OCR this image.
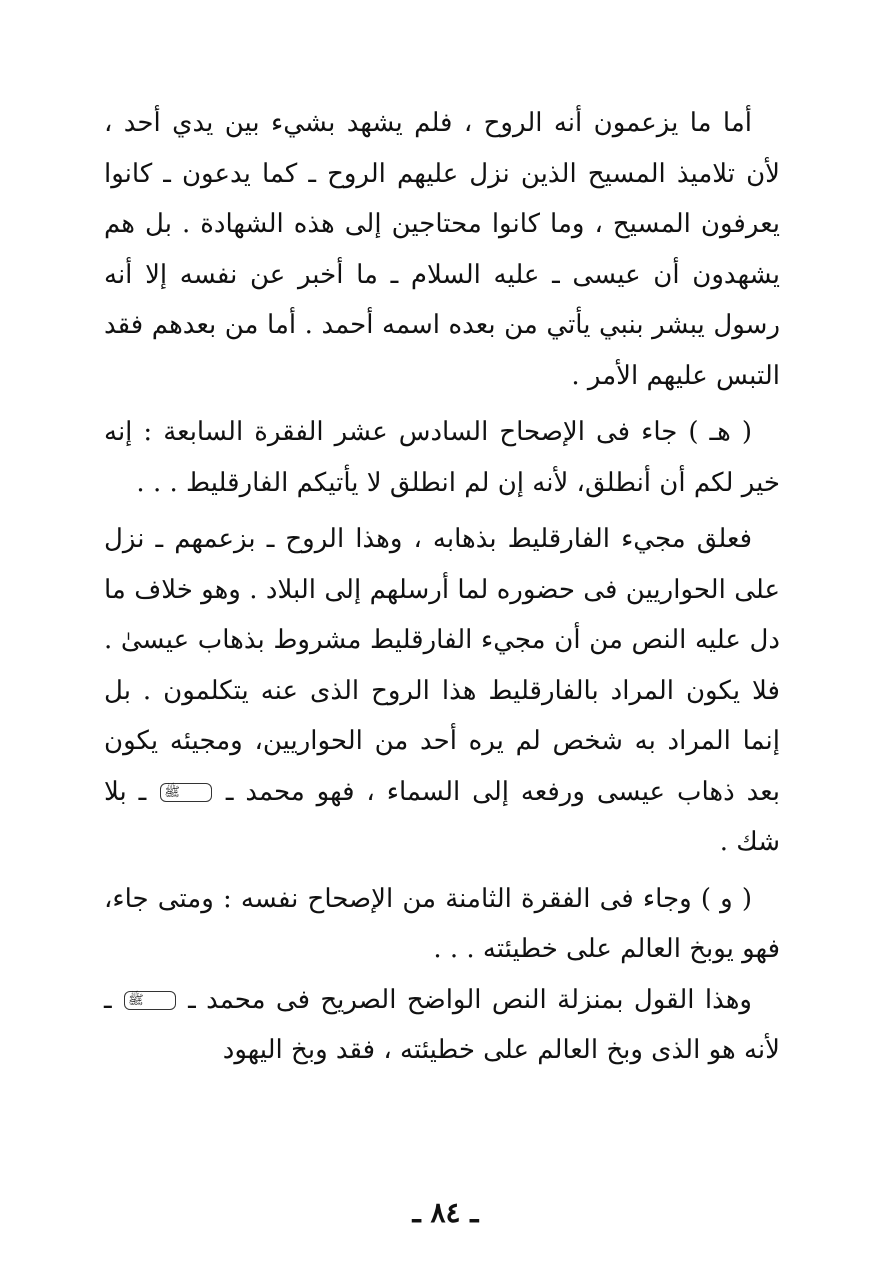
أما ما يزعمون أنه الروح ، فلم يشهد بشيء بين يدي أحد ، لأن تلاميذ المسيح الذين نزل عليهم الروح ـ كما يدعون ـ كانوا يعرفون المسيح ، وما كانوا محتاجين إلى هذه الشهادة . بل هم يشهدون أن عيسى ـ عليه السلام ـ ما أخبر عن نفسه إلا أنه رسول يبشر بنبي يأتي من بعده اسمه أحمد . أما من بعدهم فقد التبس عليهم الأمر .

( هـ ) جاء فى الإصحاح السادس عشر الفقرة السابعة : إنه خير لكم أن أنطلق، لأنه إن لم انطلق لا يأتيكم الفارقليط . . .

فعلق مجيء الفارقليط بذهابه ، وهذا الروح ـ بزعمهم ـ نزل على الحواريين فى حضوره لما أرسلهم إلى البلاد . وهو خلاف ما دل عليه النص من أن مجيء الفارقليط مشروط بذهاب عيسىٰ . فلا يكون المراد بالفارقليط هذا الروح الذى عنه يتكلمون . بل إنما المراد به شخص لم يره أحد من الحواريين، ومجيئه يكون بعد ذهاب عيسى ورفعه إلى السماء ، فهو محمد ـ ﷺ ـ بلا شك .

( و ) وجاء فى الفقرة الثامنة من الإصحاح نفسه : ومتى جاء، فهو يوبخ العالم على خطيئته . . .

وهذا القول بمنزلة النص الواضح الصريح فى محمد ـ ﷺ ـ لأنه هو الذى وبخ العالم على خطيئته ، فقد وبخ اليهود

ـ ٨٤ ـ
